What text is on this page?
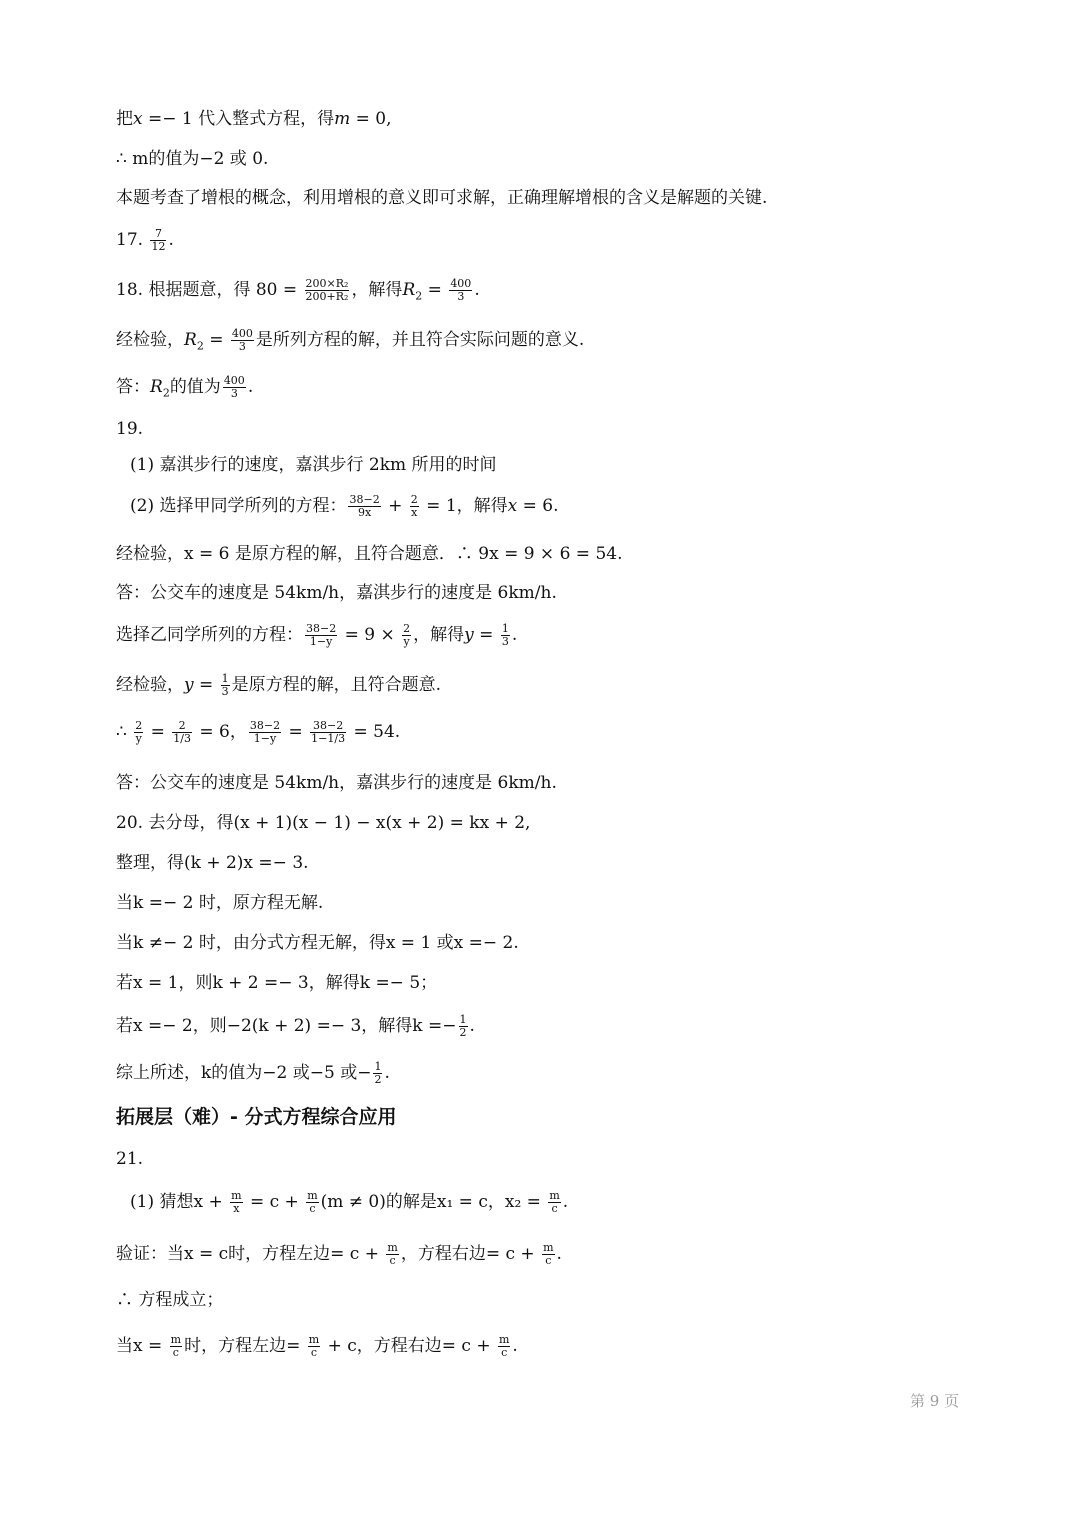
把x =− 1 代入整式方程，得m = 0,
∴ m的值为−2 或 0.
本题考查了增根的概念，利用增根的意义即可求解，正确理解增根的含义是解题的关键.
17. $\frac{7}{12}$ .
18. 根据题意，得 $80 = \frac{\text{200×R₂}}{\text{200+R₂}}$ ，解得$R_2 = \frac{400}{3}$ .
经检验，$R_2 = \frac{400}{3}$ 是所列方程的解，并且符合实际问题的意义.
答：$R_2$的值为 $\frac{400}{3}$ .
19.
(1) 嘉淇步行的速度，嘉淇步行 2km 所用的时间
(2) 选择甲同学所列的方程： $\frac{38-2}{9x} + \frac{2}{x} = 1$，解得x = 6.
经检验，x = 6 是原方程的解，且符合题意．∴ 9x = 9 × 6 = 54.
答：公交车的速度是 54km/h，嘉淇步行的速度是 6km/h.
选择乙同学所列的方程： $\frac{38-2}{1-y} = 9 \times \frac{2}{y}$ ，解得$y = \frac{1}{3}$ .
经检验，$y = \frac{1}{3}$ 是原方程的解，且符合题意.
∴ $\frac{2}{y} = \frac{2}{1/3} = 6$， $\frac{38-2}{1-y} = \frac{38-2}{1-1/3} = 54$.
答：公交车的速度是 54km/h，嘉淇步行的速度是 6km/h.
20. 去分母，得(x + 1)(x − 1) − x(x + 2) = kx + 2,
整理，得(k + 2)x =− 3.
当k =− 2 时，原方程无解.
当k ≠− 2 时，由分式方程无解，得x = 1 或x =− 2.
若x = 1，则k + 2 =− 3，解得k =− 5；
若x =− 2，则−2(k + 2) =− 3，解得$k =- \frac{1}{2}$ .
综上所述，k的值为−2 或−5 或− $\frac{1}{2}$ .
拓展层（难）- 分式方程综合应用
21.
(1) 猜想$x + \frac{m}{x} = c + \frac{m}{c} (m \ne 0)$的解是x₁ = c，$x_2 = \frac{m}{c}$ .
验证：当x = c时，方程左边= $c + \frac{m}{c}$ ，方程右边= $c + \frac{m}{c}$ .
∴ 方程成立；
当$x = \frac{m}{c}$ 时，方程左边= $\frac{m}{c} + c$，方程右边= $c + \frac{m}{c}$ .
第 9 页
